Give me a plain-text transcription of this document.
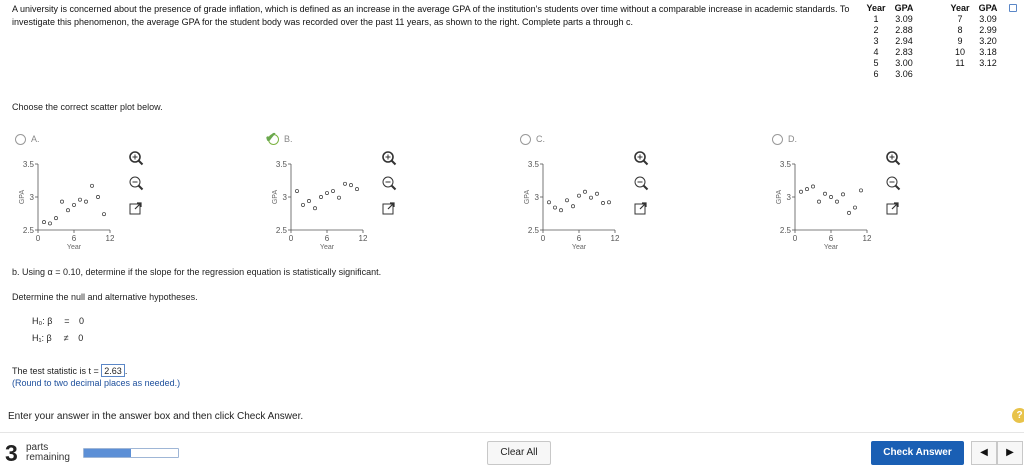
A university is concerned about the presence of grade inflation, which is defined as an increase in the average GPA of the institution's students over time without a comparable increase in academic standards. To investigate this phenomenon, the average GPA for the student body was recorded over the past 11 years, as shown to the right. Complete parts a through c.
Year	GPA
1	3.09
2	2.88
3	2.94
4	2.83
5	3.00
6	3.06
Year	GPA
7	3.09
8	2.99
9	3.20
10	3.18
11	3.12
Choose the correct scatter plot below.
A.
2.5
3
3.5
0	6	12
Year
GPA
✔ B.
2.5
3
3.5
0	6	12
Year
GPA
C.
2.5
3
3.5
0	6	12
Year
GPA
D.
2.5
3
3.5
0	6	12
Year
GPA
b. Using α = 0.10, determine if the slope for the regression equation is statistically significant.
Determine the null and alternative hypotheses.
H₀: β = 0
H₁: β ≠ 0
The test statistic is t = 2.63 .
(Round to two decimal places as needed.)
Enter your answer in the answer box and then click Check Answer.	?
3 parts
remaining	Clear All	Check Answer	◀	▶
